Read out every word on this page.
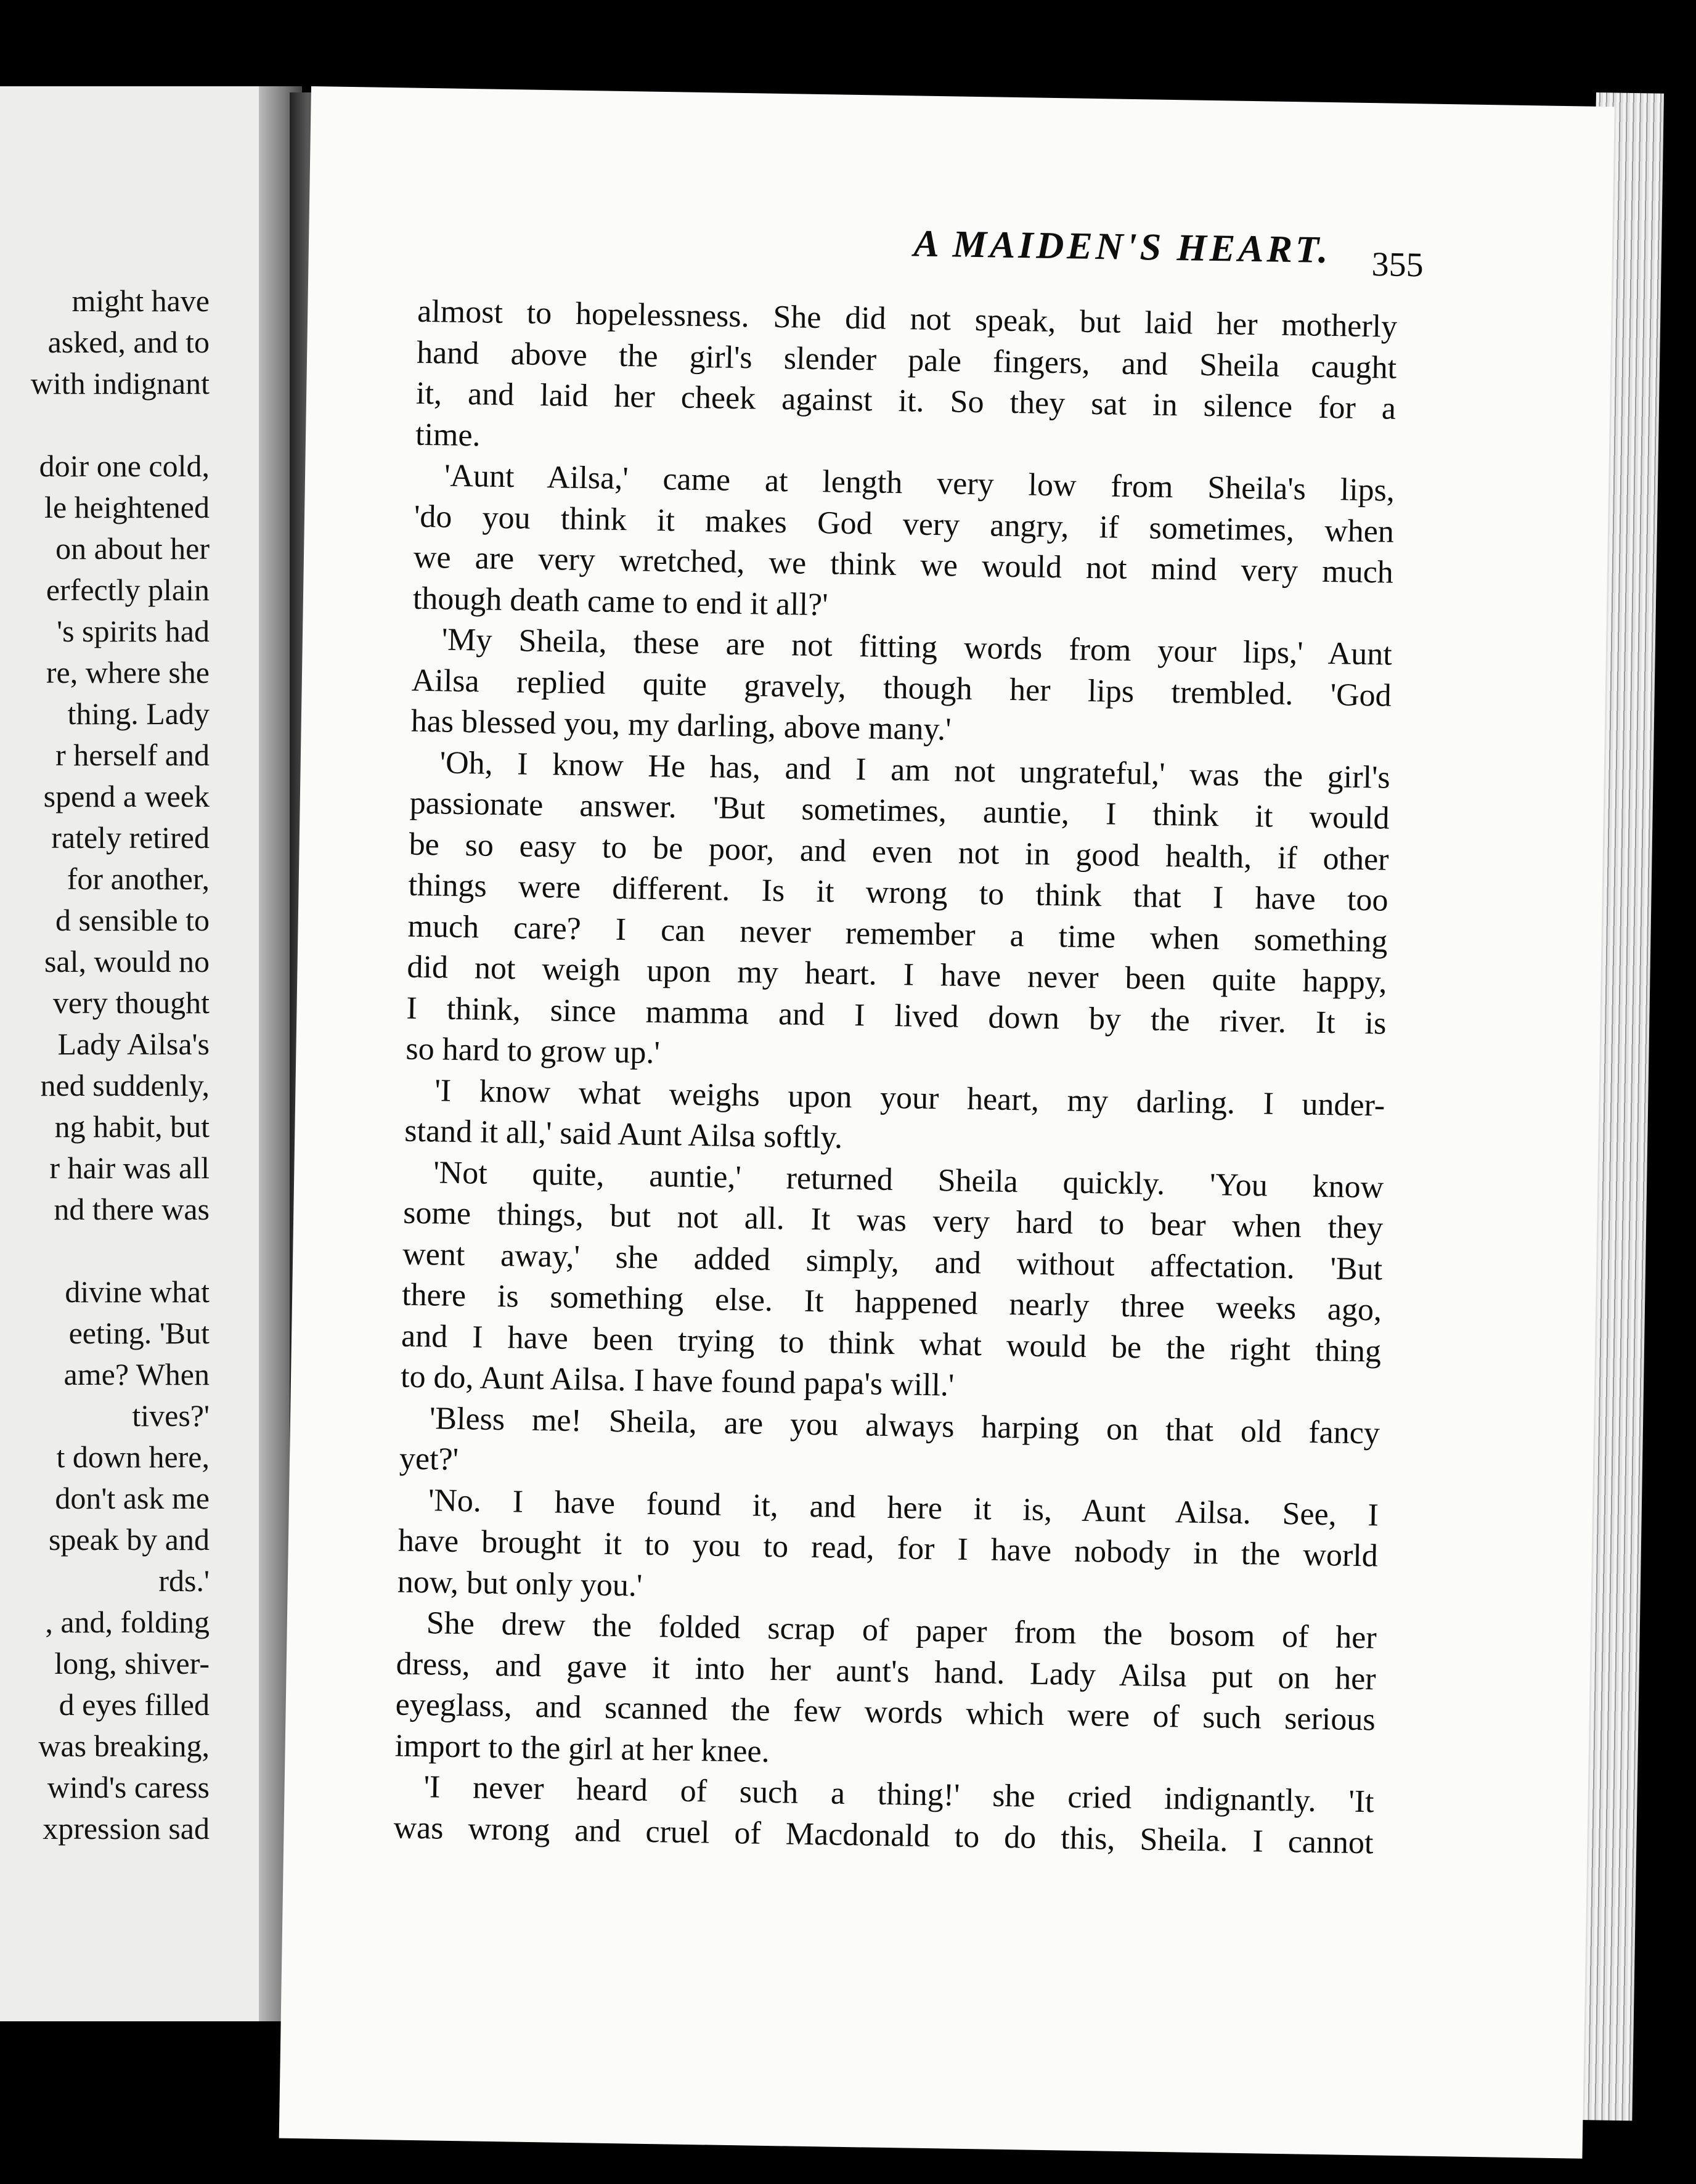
might have
asked, and to
with indignant
doir one cold,
le heightened
on about her
erfectly plain
's spirits had
re, where she
thing. Lady
r herself and
spend a week
rately retired
for another,
d sensible to
sal, would no
very thought
Lady Ailsa's
ned suddenly,
ng habit, but
r hair was all
nd there was
divine what
eeting. 'But
ame? When
tives?'
t down here,
don't ask me
speak by and
rds.'
, and, folding
long, shiver-
d eyes filled
was breaking,
wind's caress
xpression sad
A MAIDEN'S HEART.	355
almost to hopelessness. She did not speak, but laid her motherly
hand above the girl's slender pale fingers, and Sheila caught
it, and laid her cheek against it. So they sat in silence for a
time.
'Aunt Ailsa,' came at length very low from Sheila's lips,
'do you think it makes God very angry, if sometimes, when
we are very wretched, we think we would not mind very much
though death came to end it all?'
'My Sheila, these are not fitting words from your lips,' Aunt
Ailsa replied quite gravely, though her lips trembled. 'God
has blessed you, my darling, above many.'
'Oh, I know He has, and I am not ungrateful,' was the girl's
passionate answer. 'But sometimes, auntie, I think it would
be so easy to be poor, and even not in good health, if other
things were different. Is it wrong to think that I have too
much care? I can never remember a time when something
did not weigh upon my heart. I have never been quite happy,
I think, since mamma and I lived down by the river. It is
so hard to grow up.'
'I know what weighs upon your heart, my darling. I under-
stand it all,' said Aunt Ailsa softly.
'Not quite, auntie,' returned Sheila quickly. 'You know
some things, but not all. It was very hard to bear when they
went away,' she added simply, and without affectation. 'But
there is something else. It happened nearly three weeks ago,
and I have been trying to think what would be the right thing
to do, Aunt Ailsa. I have found papa's will.'
'Bless me! Sheila, are you always harping on that old fancy
yet?'
'No. I have found it, and here it is, Aunt Ailsa. See, I
have brought it to you to read, for I have nobody in the world
now, but only you.'
She drew the folded scrap of paper from the bosom of her
dress, and gave it into her aunt's hand. Lady Ailsa put on her
eyeglass, and scanned the few words which were of such serious
import to the girl at her knee.
'I never heard of such a thing!' she cried indignantly. 'It
was wrong and cruel of Macdonald to do this, Sheila. I cannot
